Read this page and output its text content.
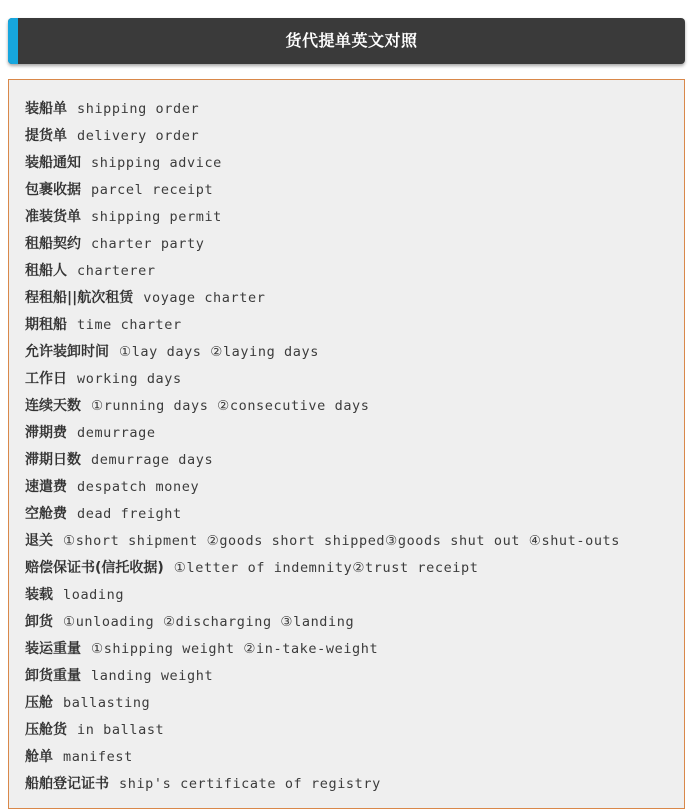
货代提单英文对照
装船单 shipping order
提货单 delivery order
装船通知 shipping advice
包裹收据 parcel receipt
准装货单 shipping permit
租船契约 charter party
租船人 charterer
程租船||航次租赁 voyage charter
期租船 time charter
允许装卸时间 ①lay days ②laying days
工作日 working days
连续天数 ①running days ②consecutive days
滞期费 demurrage
滞期日数 demurrage days
速遣费 despatch money
空舱费 dead freight
退关 ①short shipment ②goods short shipped③goods shut out ④shut-outs
赔偿保证书(信托收据) ①letter of indemnity②trust receipt
装载 loading
卸货 ①unloading ②discharging ③landing
装运重量 ①shipping weight ②in-take-weight
卸货重量 landing weight
压舱 ballasting
压舱货 in ballast
舱单 manifest
船舶登记证书 ship's certificate of registry
